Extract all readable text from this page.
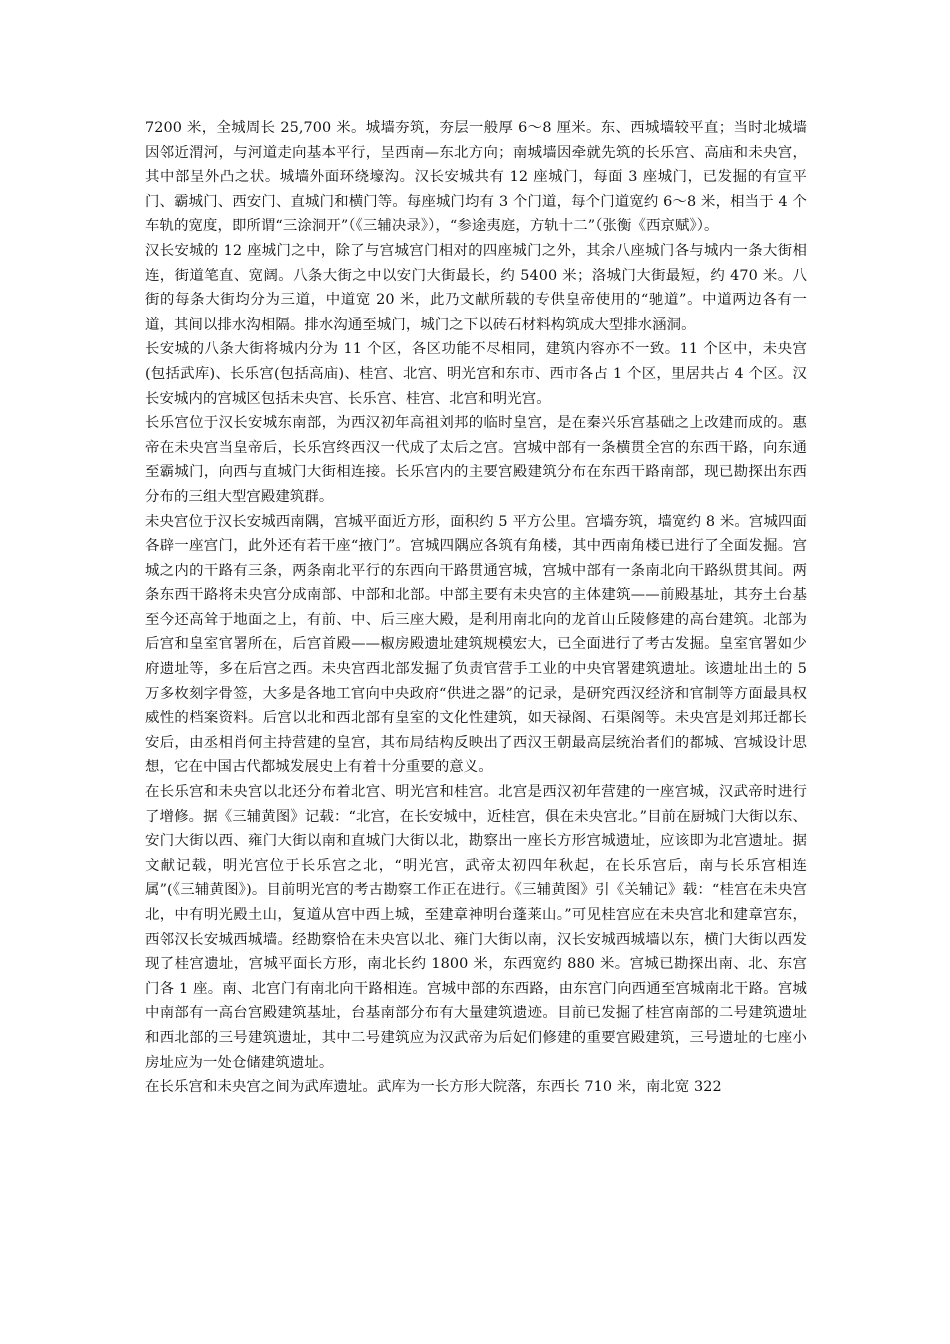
7200 米，全城周长 25,700 米。城墙夯筑，夯层一般厚 6～8 厘米。东、西城墙较平直；当时北城墙因邻近渭河，与河道走向基本平行，呈西南—东北方向；南城墙因牵就先筑的长乐宫、高庙和未央宫，其中部呈外凸之状。城墙外面环绕壕沟。汉长安城共有 12 座城门，每面 3 座城门，已发掘的有宣平门、霸城门、西安门、直城门和横门等。每座城门均有 3 个门道，每个门道宽约 6～8 米，相当于 4 个车轨的宽度，即所谓“三涂洞开”（《三辅决录》），“参途夷庭，方轨十二”（张衡《西京赋》）。

汉长安城的 12 座城门之中，除了与宫城宫门相对的四座城门之外，其余八座城门各与城内一条大街相连，街道笔直、宽阔。八条大街之中以安门大街最长，约 5400 米；洛城门大街最短，约 470 米。八街的每条大街均分为三道，中道宽 20 米，此乃文献所载的专供皇帝使用的“驰道”。中道两边各有一道，其间以排水沟相隔。排水沟通至城门，城门之下以砖石材料构筑成大型排水涵洞。

长安城的八条大街将城内分为 11 个区，各区功能不尽相同，建筑内容亦不一致。11 个区中，未央宫(包括武库)、长乐宫(包括高庙)、桂宫、北宫、明光宫和东市、西市各占 1 个区，里居共占 4 个区。汉长安城内的宫城区包括未央宫、长乐宫、桂宫、北宫和明光宫。

长乐宫位于汉长安城东南部，为西汉初年高祖刘邦的临时皇宫，是在秦兴乐宫基础之上改建而成的。惠帝在未央宫当皇帝后，长乐宫终西汉一代成了太后之宫。宫城中部有一条横贯全宫的东西干路，向东通至霸城门，向西与直城门大街相连接。长乐宫内的主要宫殿建筑分布在东西干路南部，现已勘探出东西分布的三组大型宫殿建筑群。

未央宫位于汉长安城西南隅，宫城平面近方形，面积约 5 平方公里。宫墙夯筑，墙宽约 8 米。宫城四面各辟一座宫门，此外还有若干座“掖门”。宫城四隅应各筑有角楼，其中西南角楼已进行了全面发掘。宫城之内的干路有三条，两条南北平行的东西向干路贯通宫城，宫城中部有一条南北向干路纵贯其间。两条东西干路将未央宫分成南部、中部和北部。中部主要有未央宫的主体建筑——前殿基址，其夯土台基至今还高耸于地面之上，有前、中、后三座大殿，是利用南北向的龙首山丘陵修建的高台建筑。北部为后宫和皇室官署所在，后宫首殿——椒房殿遗址建筑规模宏大，已全面进行了考古发掘。皇室官署如少府遗址等，多在后宫之西。未央宫西北部发掘了负责官营手工业的中央官署建筑遗址。该遗址出土的 5 万多枚刻字骨签，大多是各地工官向中央政府“供进之器”的记录，是研究西汉经济和官制等方面最具权威性的档案资料。后宫以北和西北部有皇室的文化性建筑，如天禄阁、石渠阁等。未央宫是刘邦迁都长安后，由丞相肖何主持营建的皇宫，其布局结构反映出了西汉王朝最高层统治者们的都城、宫城设计思想，它在中国古代都城发展史上有着十分重要的意义。

在长乐宫和未央宫以北还分布着北宫、明光宫和桂宫。北宫是西汉初年营建的一座宫城，汉武帝时进行了增修。据《三辅黄图》记载：“北宫，在长安城中，近桂宫，俱在未央宫北。”目前在厨城门大街以东、安门大街以西、雍门大街以南和直城门大街以北，勘察出一座长方形宫城遗址，应该即为北宫遗址。据文献记载，明光宫位于长乐宫之北，“明光宫，武帝太初四年秋起，在长乐宫后，南与长乐宫相连属”(《三辅黄图》)。目前明光宫的考古勘察工作正在进行。《三辅黄图》引《关辅记》载：“桂宫在未央宫北，中有明光殿土山，复道从宫中西上城，至建章神明台蓬莱山。”可见桂宫应在未央宫北和建章宫东，西邻汉长安城西城墙。经勘察恰在未央宫以北、雍门大街以南，汉长安城西城墙以东，横门大街以西发现了桂宫遗址，宫城平面长方形，南北长约 1800 米，东西宽约 880 米。宫城已勘探出南、北、东宫门各 1 座。南、北宫门有南北向干路相连。宫城中部的东西路，由东宫门向西通至宫城南北干路。宫城中南部有一高台宫殿建筑基址，台基南部分布有大量建筑遗迹。目前已发掘了桂宫南部的二号建筑遗址和西北部的三号建筑遗址，其中二号建筑应为汉武帝为后妃们修建的重要宫殿建筑，三号遗址的七座小房址应为一处仓储建筑遗址。

在长乐宫和未央宫之间为武库遗址。武库为一长方形大院落，东西长 710 米，南北宽 322
